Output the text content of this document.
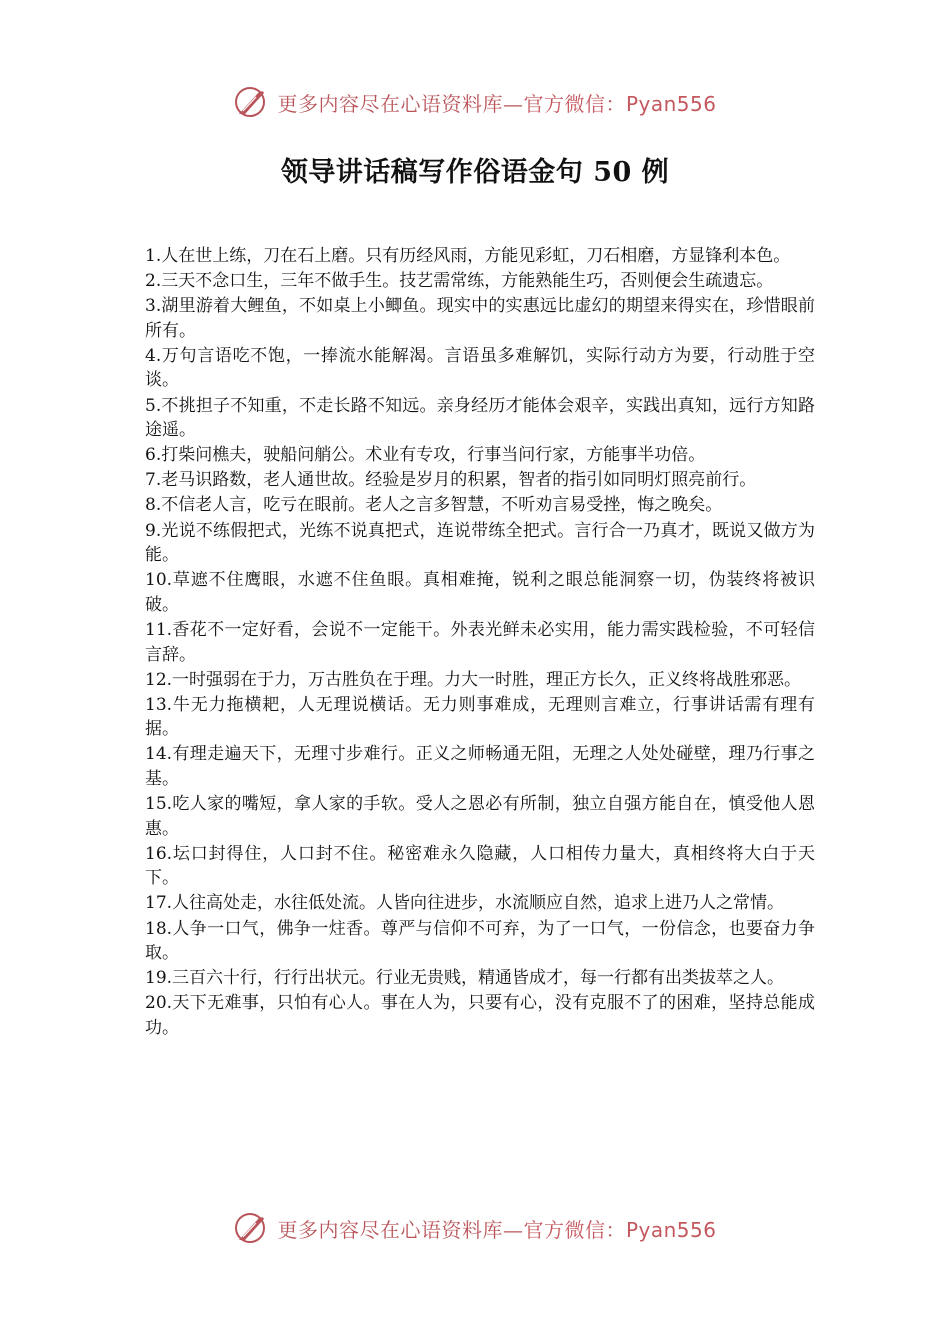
更多内容尽在心语资料库—官方微信：Pyan556
领导讲话稿写作俗语金句 50 例
1.人在世上练，刀在石上磨。只有历经风雨，方能见彩虹，刀石相磨，方显锋利本色。
2.三天不念口生，三年不做手生。技艺需常练，方能熟能生巧，否则便会生疏遗忘。
3.湖里游着大鲤鱼，不如桌上小鲫鱼。现实中的实惠远比虚幻的期望来得实在，珍惜眼前所有。
4.万句言语吃不饱，一捧流水能解渴。言语虽多难解饥，实际行动方为要，行动胜于空谈。
5.不挑担子不知重，不走长路不知远。亲身经历才能体会艰辛，实践出真知，远行方知路途遥。
6.打柴问樵夫，驶船问艄公。术业有专攻，行事当问行家，方能事半功倍。
7.老马识路数，老人通世故。经验是岁月的积累，智者的指引如同明灯照亮前行。
8.不信老人言，吃亏在眼前。老人之言多智慧，不听劝言易受挫，悔之晚矣。
9.光说不练假把式，光练不说真把式，连说带练全把式。言行合一乃真才，既说又做方为能。
10.草遮不住鹰眼，水遮不住鱼眼。真相难掩，锐利之眼总能洞察一切，伪装终将被识破。
11.香花不一定好看，会说不一定能干。外表光鲜未必实用，能力需实践检验，不可轻信言辞。
12.一时强弱在于力，万古胜负在于理。力大一时胜，理正方长久，正义终将战胜邪恶。
13.牛无力拖横耙，人无理说横话。无力则事难成，无理则言难立，行事讲话需有理有据。
14.有理走遍天下，无理寸步难行。正义之师畅通无阻，无理之人处处碰壁，理乃行事之基。
15.吃人家的嘴短，拿人家的手软。受人之恩必有所制，独立自强方能自在，慎受他人恩惠。
16.坛口封得住，人口封不住。秘密难永久隐藏，人口相传力量大，真相终将大白于天下。
17.人往高处走，水往低处流。人皆向往进步，水流顺应自然，追求上进乃人之常情。
18.人争一口气，佛争一炷香。尊严与信仰不可弃，为了一口气，一份信念，也要奋力争取。
19.三百六十行，行行出状元。行业无贵贱，精通皆成才，每一行都有出类拔萃之人。
20.天下无难事，只怕有心人。事在人为，只要有心，没有克服不了的困难，坚持总能成功。
更多内容尽在心语资料库—官方微信：Pyan556
